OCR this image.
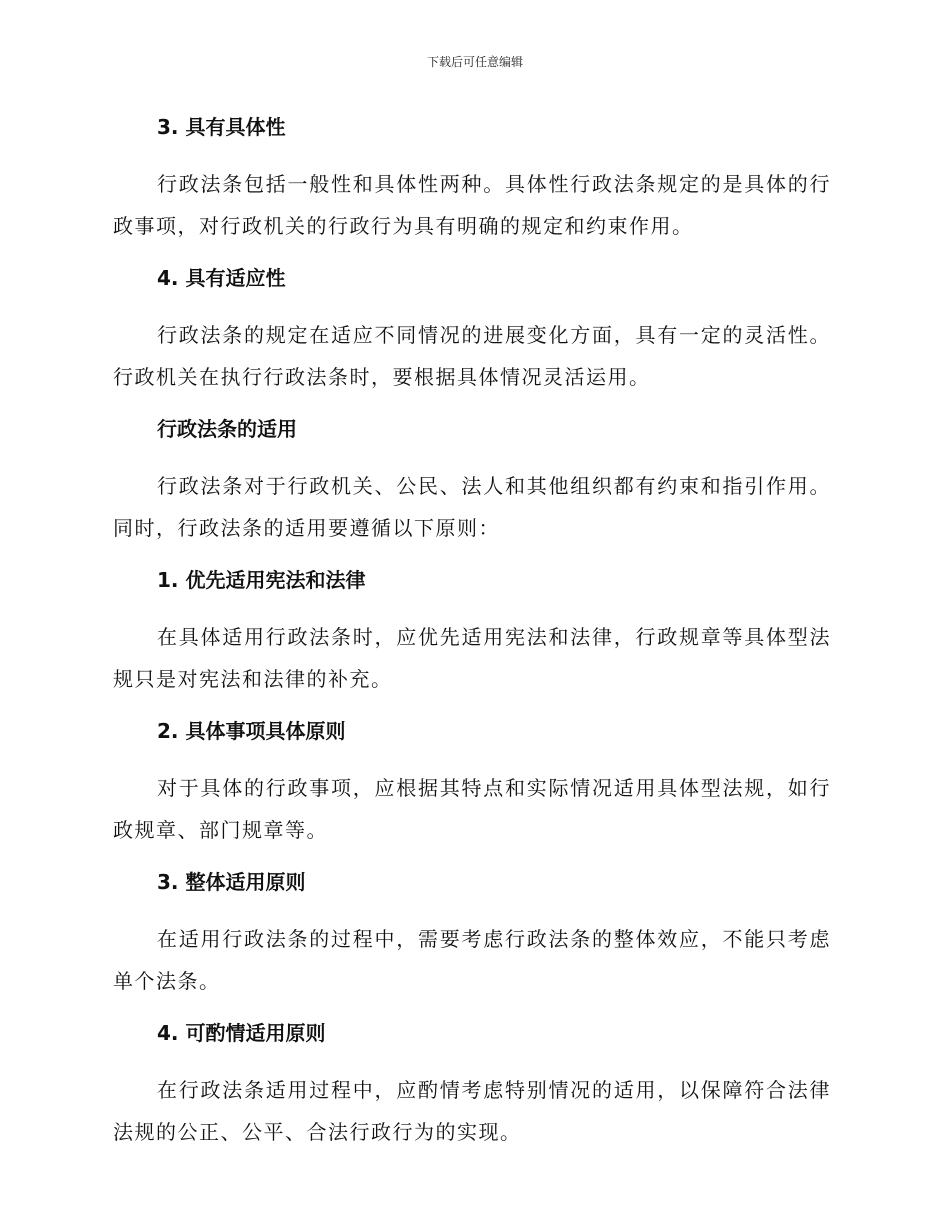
下载后可任意编辑
3. 具有具体性

行政法条包括一般性和具体性两种。具体性行政法条规定的是具体的行政事项，对行政机关的行政行为具有明确的规定和约束作用。

4. 具有适应性

行政法条的规定在适应不同情况的进展变化方面，具有一定的灵活性。行政机关在执行行政法条时，要根据具体情况灵活运用。

行政法条的适用

行政法条对于行政机关、公民、法人和其他组织都有约束和指引作用。同时，行政法条的适用要遵循以下原则：

1. 优先适用宪法和法律

在具体适用行政法条时，应优先适用宪法和法律，行政规章等具体型法规只是对宪法和法律的补充。

2. 具体事项具体原则

对于具体的行政事项，应根据其特点和实际情况适用具体型法规，如行政规章、部门规章等。

3. 整体适用原则

在适用行政法条的过程中，需要考虑行政法条的整体效应，不能只考虑单个法条。

4. 可酌情适用原则

在行政法条适用过程中，应酌情考虑特别情况的适用，以保障符合法律法规的公正、公平、合法行政行为的实现。
